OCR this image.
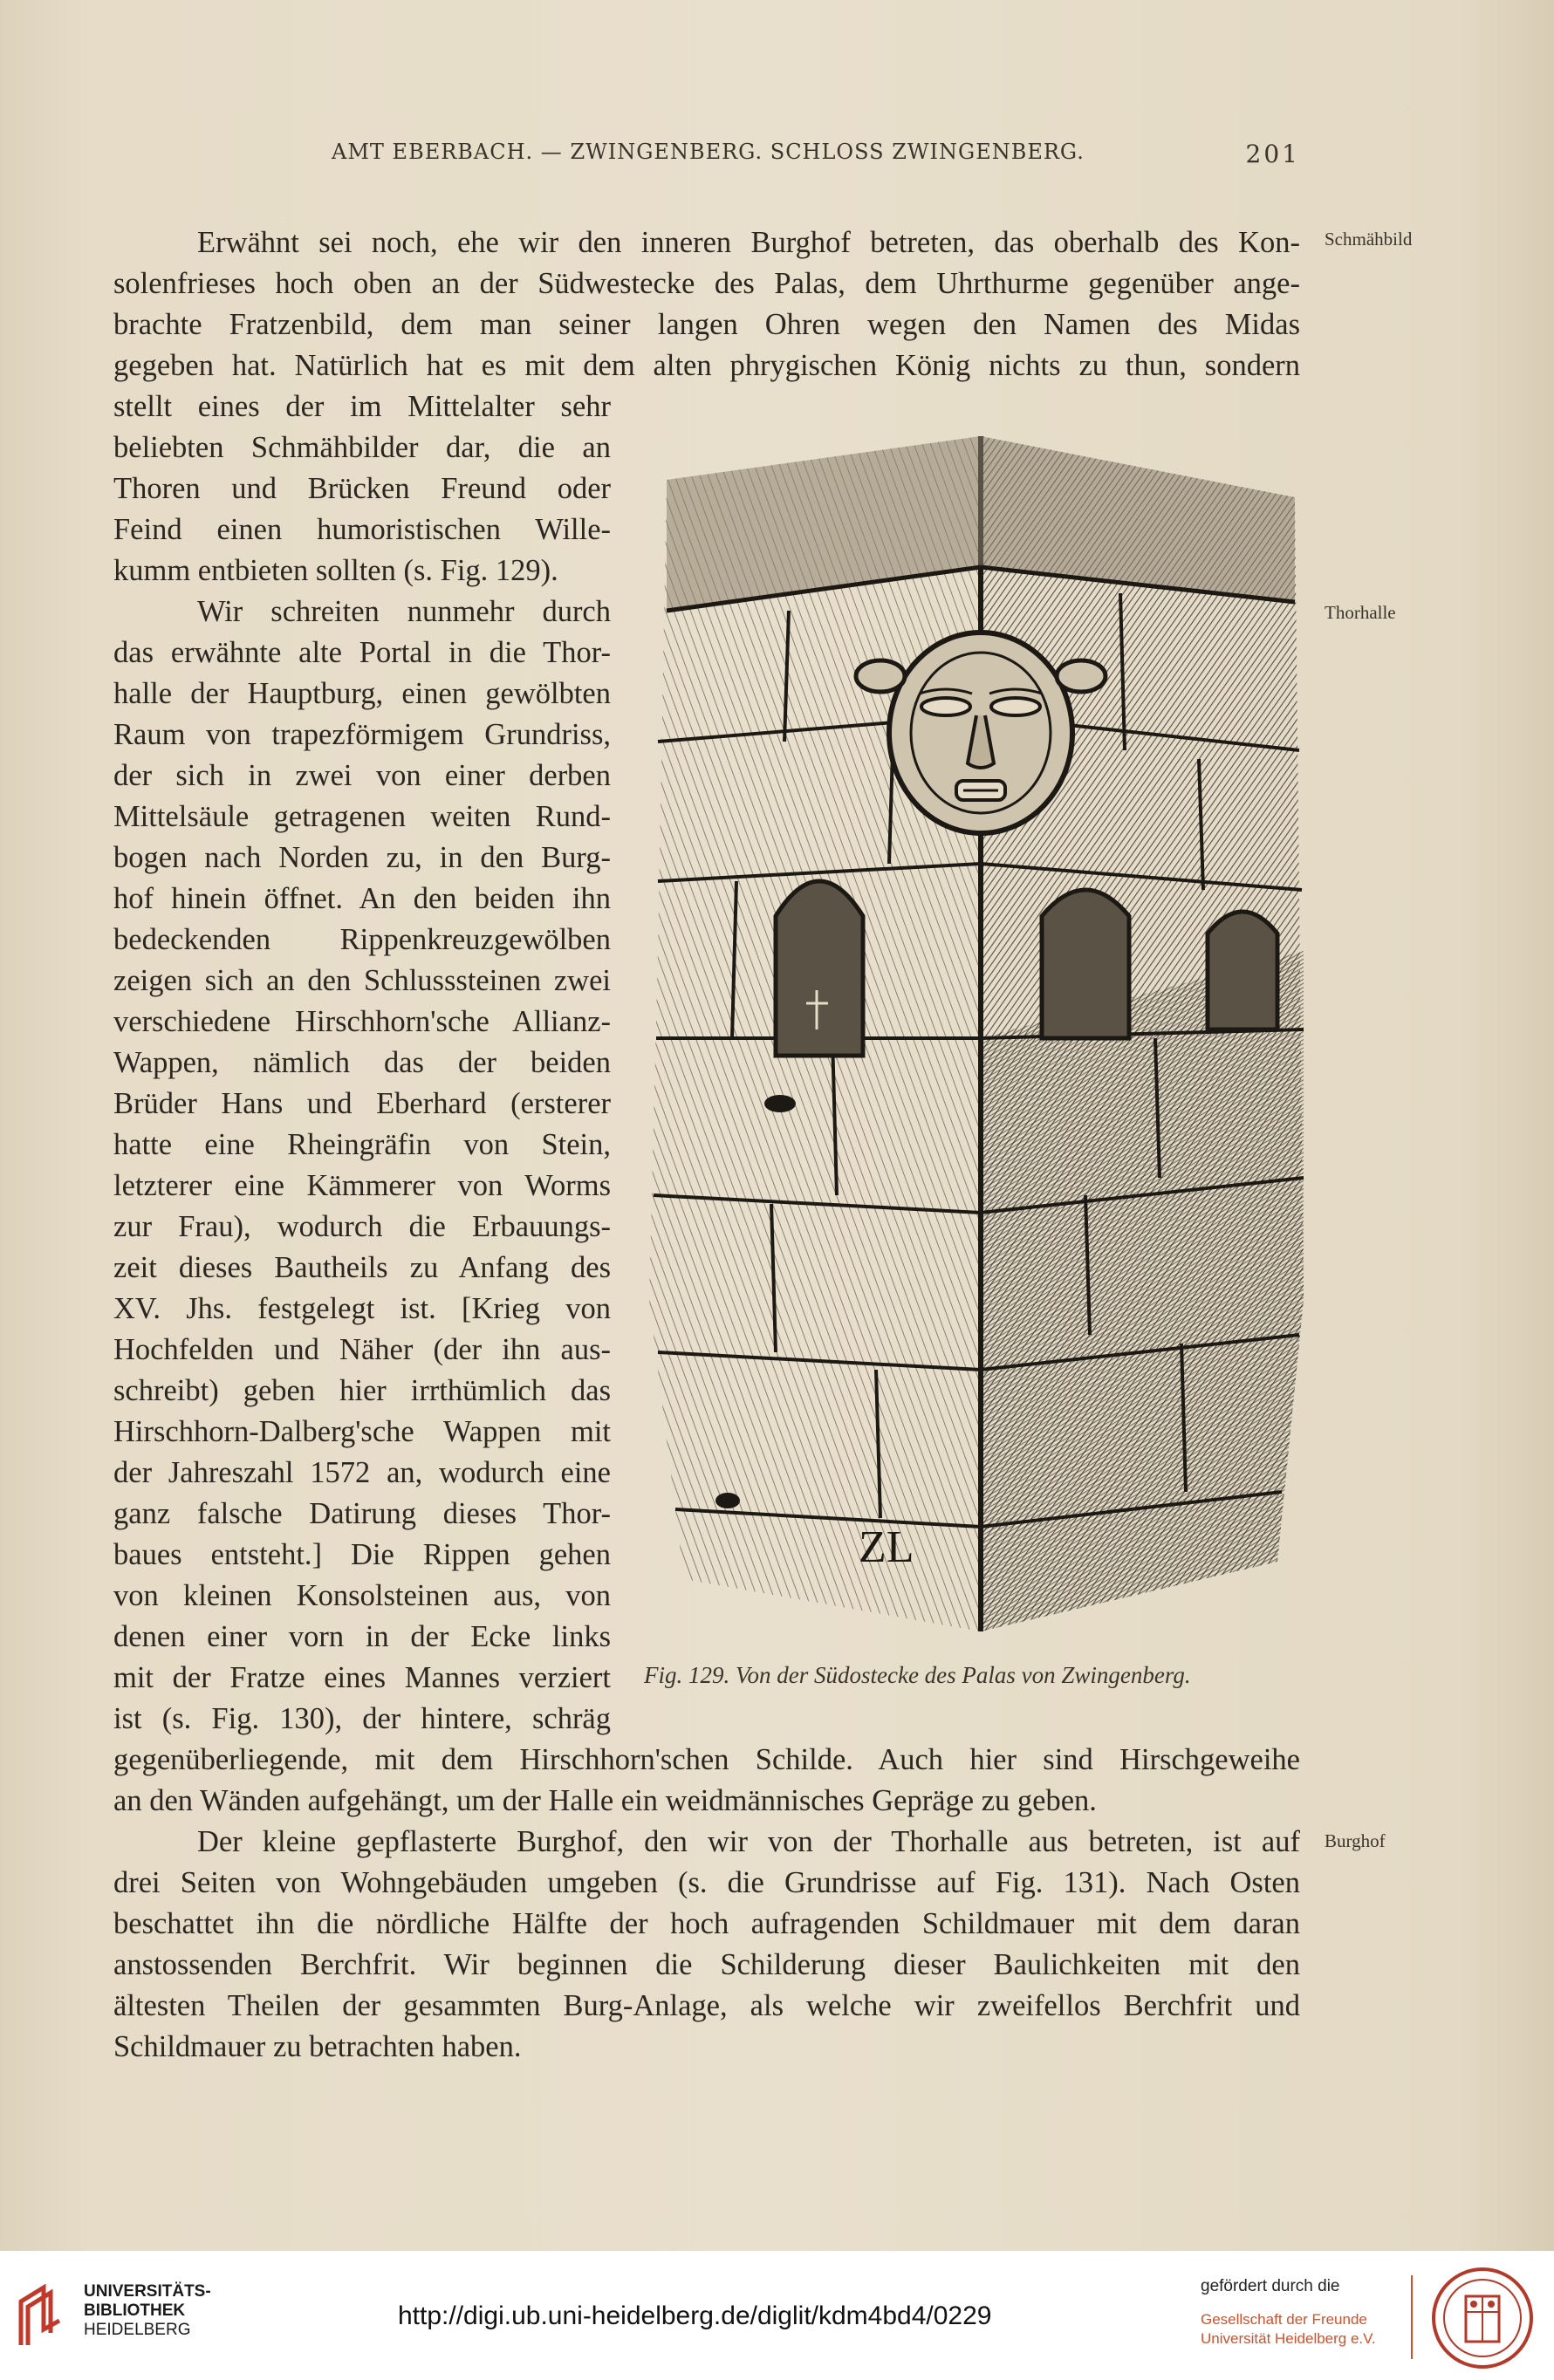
AMT EBERBACH. — ZWINGENBERG. SCHLOSS ZWINGENBERG.	201
Erwähnt sei noch, ehe wir den inneren Burghof betreten, das oberhalb des Kon-
solenfrieses hoch oben an der Südwestecke des Palas, dem Uhrthurme gegenüber ange-
brachte Fratzenbild, dem man seiner langen Ohren wegen den Namen des Midas
gegeben hat. Natürlich hat es mit dem alten phrygischen König nichts zu thun, sondern
stellt eines der im Mittelalter sehr
beliebten Schmähbilder dar, die an
Thoren und Brücken Freund oder
Feind einen humoristischen Wille-
kumm entbieten sollten (s. Fig. 129).
Wir schreiten nunmehr durch
das erwähnte alte Portal in die Thor-
halle der Hauptburg, einen gewölbten
Raum von trapezförmigem Grundriss,
der sich in zwei von einer derben
Mittelsäule getragenen weiten Rund-
bogen nach Norden zu, in den Burg-
hof hinein öffnet. An den beiden ihn
bedeckenden Rippenkreuzgewölben
zeigen sich an den Schlusssteinen zwei
verschiedene Hirschhorn'sche Allianz-
Wappen, nämlich das der beiden
Brüder Hans und Eberhard (ersterer
hatte eine Rheingräfin von Stein,
letzterer eine Kämmerer von Worms
zur Frau), wodurch die Erbauungs-
zeit dieses Bautheils zu Anfang des
XV. Jhs. festgelegt ist. [Krieg von
Hochfelden und Näher (der ihn aus-
schreibt) geben hier irrthümlich das
Hirschhorn-Dalberg'sche Wappen mit
der Jahreszahl 1572 an, wodurch eine
ganz falsche Datirung dieses Thor-
baues entsteht.] Die Rippen gehen
von kleinen Konsolsteinen aus, von
denen einer vorn in der Ecke links
mit der Fratze eines Mannes verziert
ist (s. Fig. 130), der hintere, schräg
gegenüberliegende, mit dem Hirschhorn'schen Schilde. Auch hier sind Hirschgeweihe
an den Wänden aufgehängt, um der Halle ein weidmännisches Gepräge zu geben.
Der kleine gepflasterte Burghof, den wir von der Thorhalle aus betreten, ist auf
drei Seiten von Wohngebäuden umgeben (s. die Grundrisse auf Fig. 131). Nach Osten
beschattet ihn die nördliche Hälfte der hoch aufragenden Schildmauer mit dem daran
anstossenden Berchfrit. Wir beginnen die Schilderung dieser Baulichkeiten mit den
ältesten Theilen der gesammten Burg-Anlage, als welche wir zweifellos Berchfrit und
Schildmauer zu betrachten haben.
Schmähbild
Thorhalle
Burghof
ZL
Fig. 129. Von der Südostecke des Palas von Zwingenberg.
UNIVERSITÄTS-
BIBLIOTHEK
HEIDELBERG	http://digi.ub.uni-heidelberg.de/diglit/kdm4bd4/0229
gefördert durch die
Gesellschaft der Freunde
Universität Heidelberg e.V.
